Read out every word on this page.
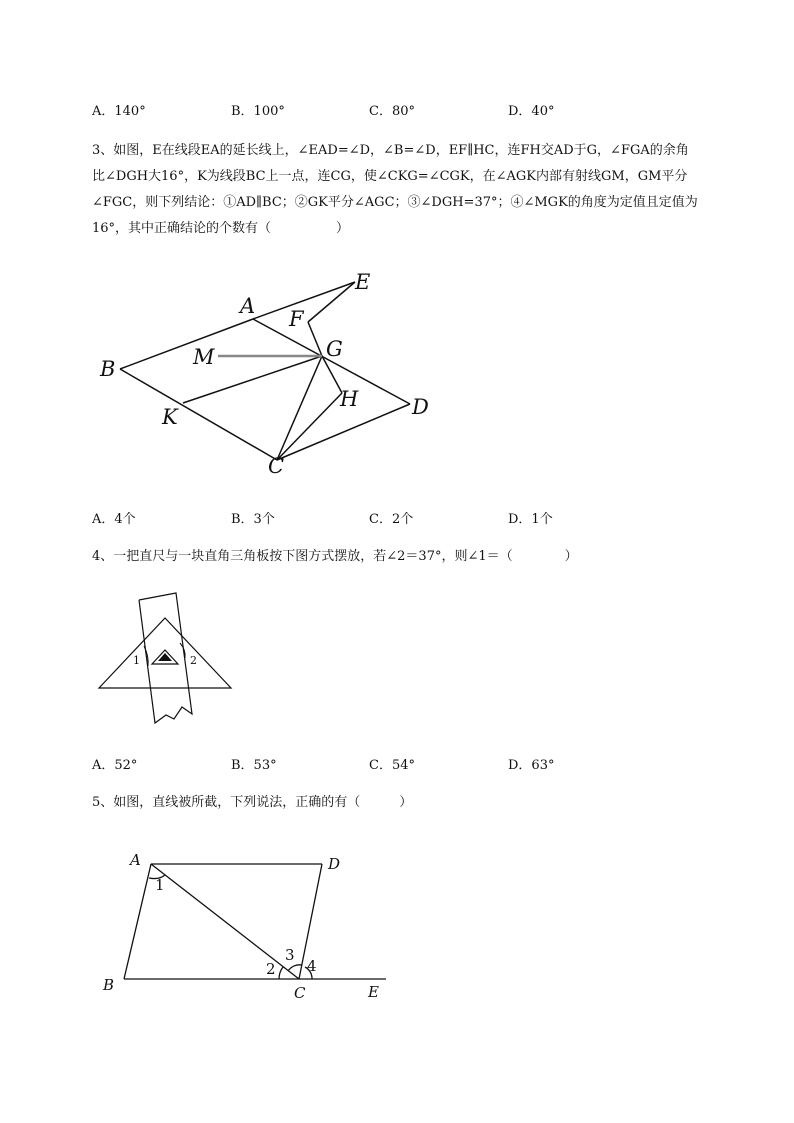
A．140°	B．100°	C．80°	D．40°

3、如图，E在线段EA的延长线上，∠EAD=∠D，∠B=∠D，EF∥HC，连FH交AD于G，∠FGA的余角

比∠DGH大16°，K为线段BC上一点，连CG，使∠CKG=∠CGK，在∠AGK内部有射线GM，GM平分

∠FGC，则下列结论：①AD∥BC；②GK平分∠AGC；③∠DGH=37°；④∠MGK的角度为定值且定值为

16°，其中正确结论的个数有（　　　　　）

A
E
F
B	M	G
H	D
K
C
A．4个	B．3个	C．2个	D．1个

4、一把直尺与一块直角三角板按下图方式摆放，若∠2＝37°，则∠1＝（　　　　）

1	2
A．52°	B．53°	C．54°	D．63°

5、如图，直线被所截，下列说法，正确的有（　　　）

A	D
B	C	E
1
2
3
4
